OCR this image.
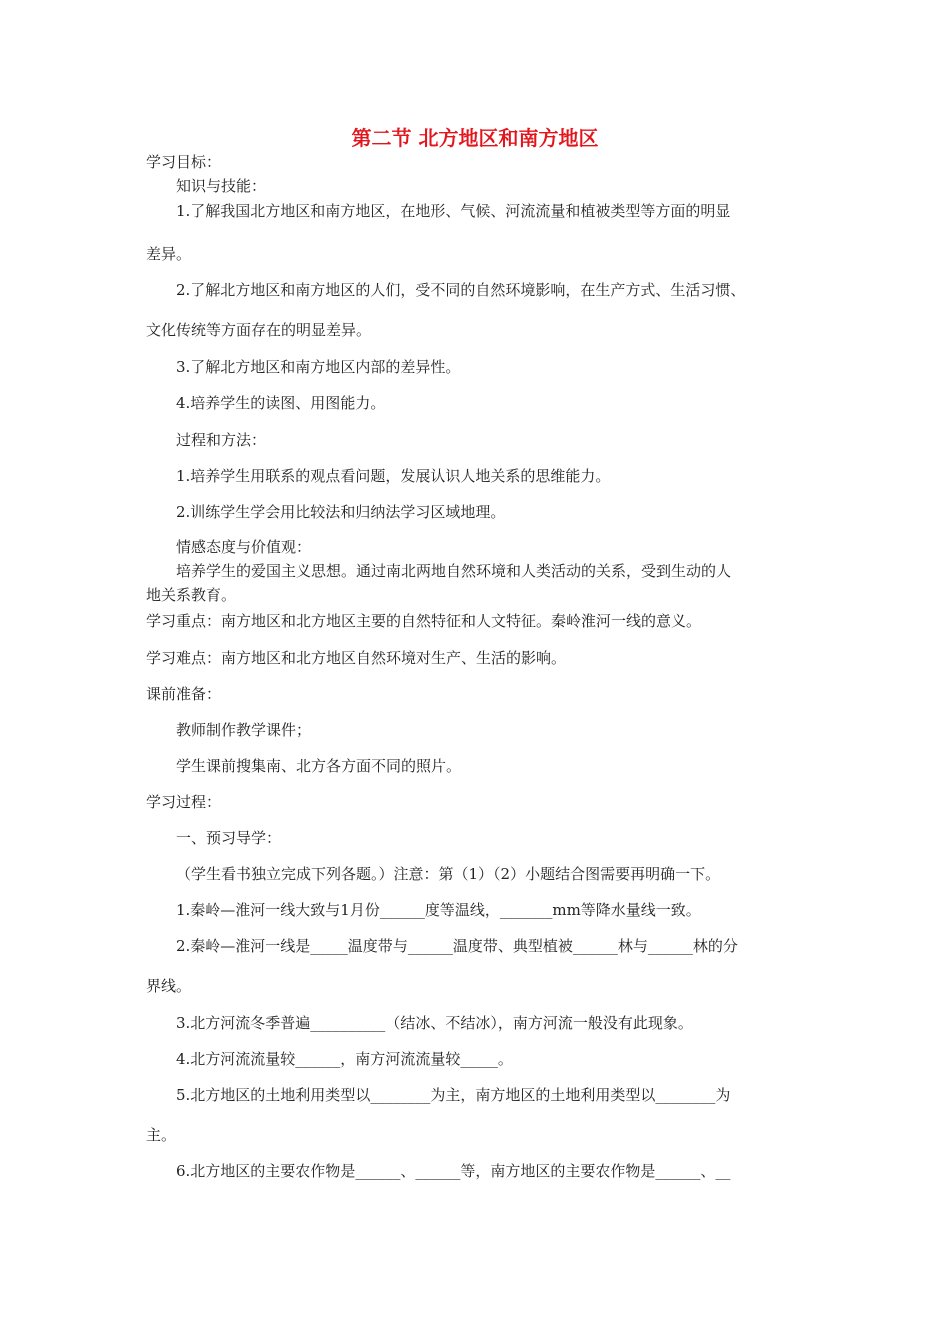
第二节 北方地区和南方地区
学习目标：
知识与技能：
1.了解我国北方地区和南方地区，在地形、气候、河流流量和植被类型等方面的明显
差异。
2.了解北方地区和南方地区的人们，受不同的自然环境影响，在生产方式、生活习惯、
文化传统等方面存在的明显差异。
3.了解北方地区和南方地区内部的差异性。
4.培养学生的读图、用图能力。
过程和方法：
1.培养学生用联系的观点看问题，发展认识人地关系的思维能力。
2.训练学生学会用比较法和归纳法学习区域地理。
情感态度与价值观：
培养学生的爱国主义思想。通过南北两地自然环境和人类活动的关系，受到生动的人
地关系教育。
学习重点：南方地区和北方地区主要的自然特征和人文特征。秦岭淮河一线的意义。
学习难点：南方地区和北方地区自然环境对生产、生活的影响。
课前准备：
教师制作教学课件；
学生课前搜集南、北方各方面不同的照片。
学习过程：
一、预习导学：
（学生看书独立完成下列各题。）注意：第（1）（2）小题结合图需要再明确一下。
1.秦岭—淮河一线大致与1月份______度等温线，_______mm等降水量线一致。
2.秦岭—淮河一线是_____温度带与______温度带、典型植被______林与______林的分
界线。
3.北方河流冬季普遍__________（结冰、不结冰），南方河流一般没有此现象。
4.北方河流流量较______，南方河流流量较_____。
5.北方地区的土地利用类型以________为主，南方地区的土地利用类型以________为
主。
6.北方地区的主要农作物是______、______等，南方地区的主要农作物是______、__
